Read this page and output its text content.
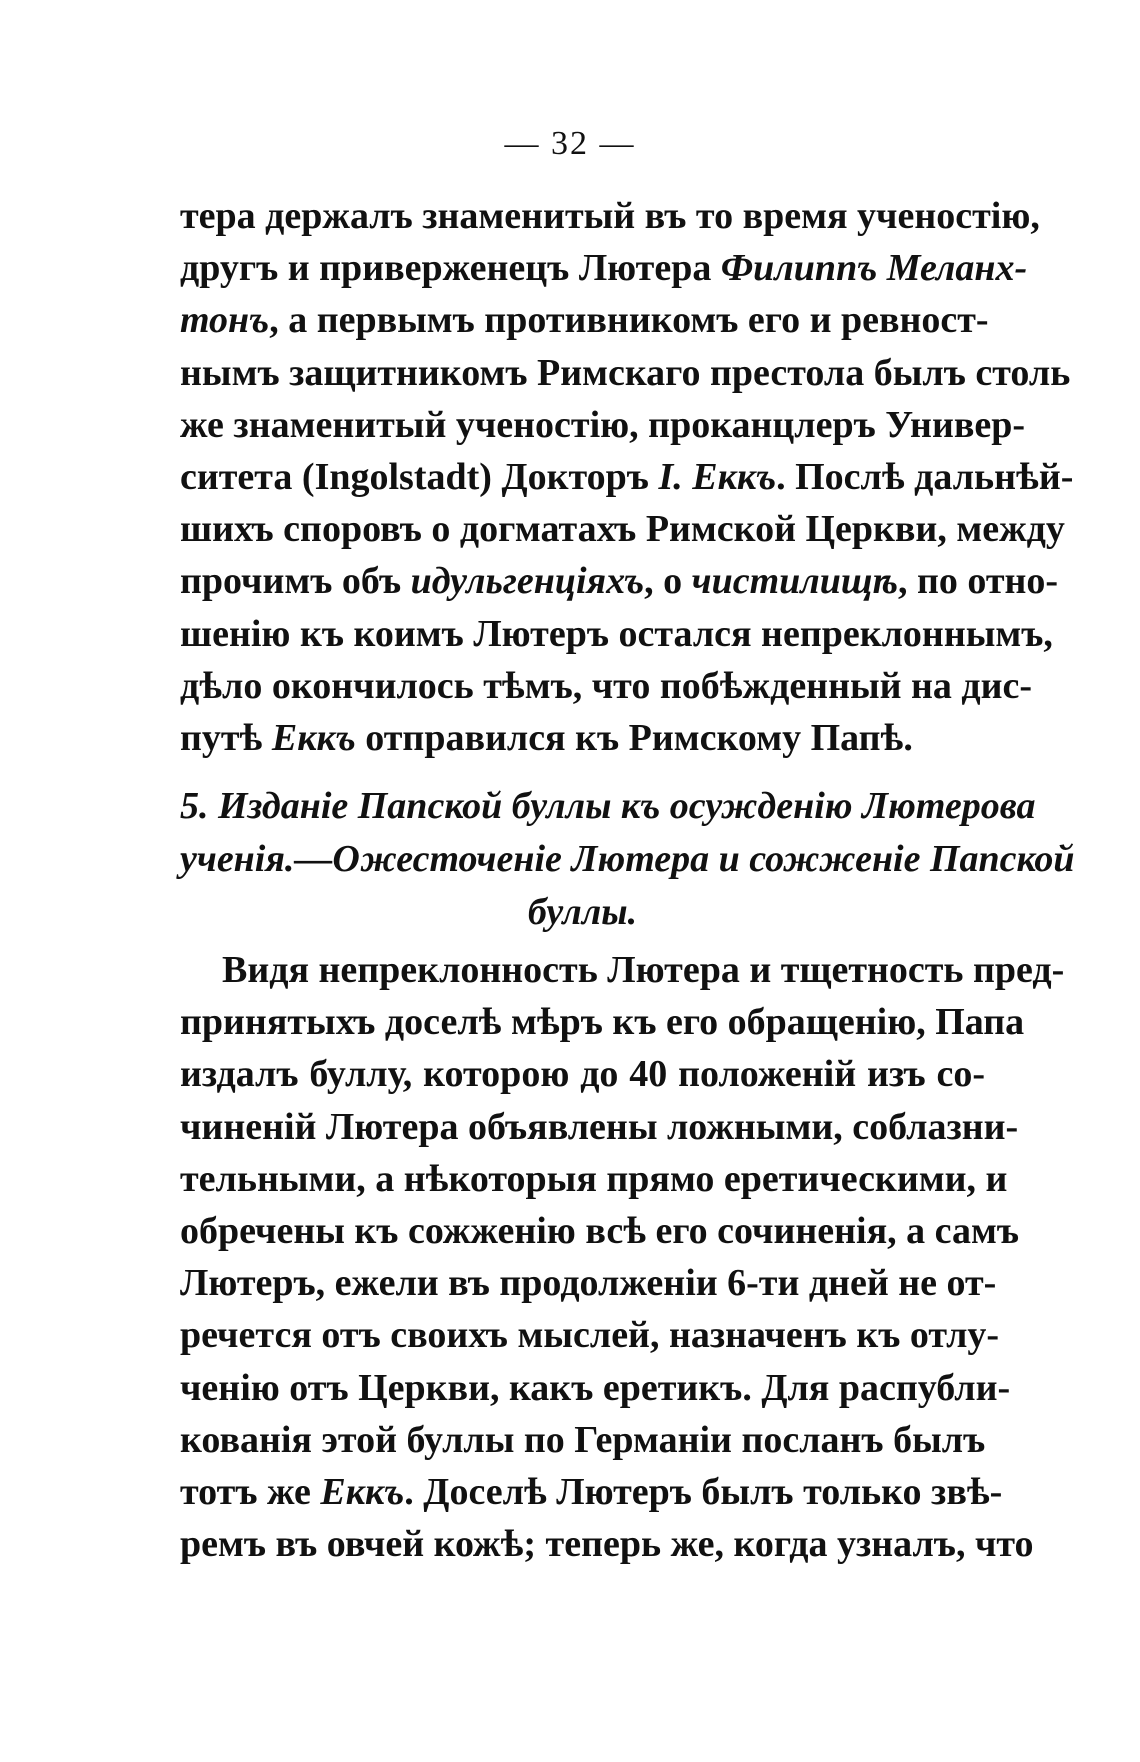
— 32 —
тера держалъ знаменитый въ то время ученостію,
другъ и приверженецъ Лютера Филиппъ Меланх-
тонъ, а первымъ противникомъ его и ревност-
нымъ защитникомъ Римскаго престола былъ столь
же знаменитый ученостію, проканцлеръ Универ-
ситета (Ingolstadt) Докторъ I. Еккъ. Послѣ дальнѣй-
шихъ споровъ о догматахъ Римской Церкви, между
прочимъ объ идульгенціяхъ, о чистилищѣ, по отно-
шенію къ коимъ Лютеръ остался непреклоннымъ,
дѣло окончилось тѣмъ, что побѣжденный на дис-
путѣ Еккъ отправился къ Римскому Папѣ.
5. Изданіе Папской буллы къ осужденію Лютерова
ученія.—Ожесточеніе Лютера и сожженіе Папской
буллы.
Видя непреклонность Лютера и тщетность пред-
принятыхъ доселѣ мѣръ къ его обращенію, Папа
издалъ буллу, которою до 40 положеній изъ со-
чиненій Лютера объявлены ложными, соблазни-
тельными, а нѣкоторыя прямо еретическими, и
обречены къ сожженію всѣ его сочиненія, а самъ
Лютеръ, ежели въ продолженіи 6-ти дней не от-
речется отъ своихъ мыслей, назначенъ къ отлу-
ченію отъ Церкви, какъ еретикъ. Для распубли-
кованія этой буллы по Германіи посланъ былъ
тотъ же Еккъ. Доселѣ Лютеръ былъ только звѣ-
ремъ въ овчей кожѣ; теперь же, когда узналъ, что
